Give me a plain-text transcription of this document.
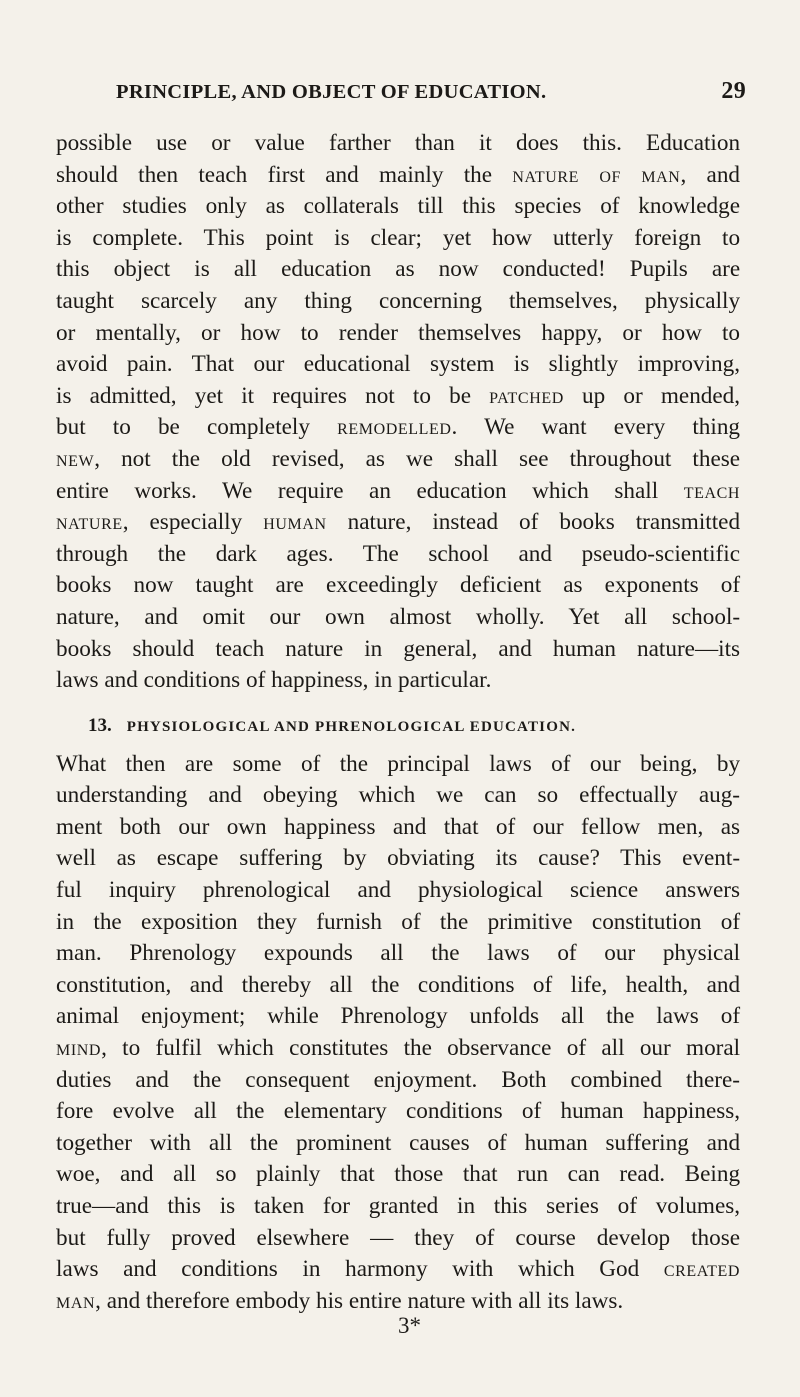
PRINCIPLE, AND OBJECT OF EDUCATION.	29
possible use or value farther than it does this. Education
should then teach first and mainly the nature of man, and
other studies only as collaterals till this species of knowledge
is complete. This point is clear; yet how utterly foreign to
this object is all education as now conducted! Pupils are
taught scarcely any thing concerning themselves, physically
or mentally, or how to render themselves happy, or how to
avoid pain. That our educational system is slightly improving,
is admitted, yet it requires not to be patched up or mended,
but to be completely remodelled. We want every thing
new, not the old revised, as we shall see throughout these
entire works. We require an education which shall teach
nature, especially human nature, instead of books transmitted
through the dark ages. The school and pseudo-scientific
books now taught are exceedingly deficient as exponents of
nature, and omit our own almost wholly. Yet all school-
books should teach nature in general, and human nature—its
laws and conditions of happiness, in particular.
13. PHYSIOLOGICAL AND PHRENOLOGICAL EDUCATION.
What then are some of the principal laws of our being, by
understanding and obeying which we can so effectually aug-
ment both our own happiness and that of our fellow men, as
well as escape suffering by obviating its cause? This event-
ful inquiry phrenological and physiological science answers
in the exposition they furnish of the primitive constitution of
man. Phrenology expounds all the laws of our physical
constitution, and thereby all the conditions of life, health, and
animal enjoyment; while Phrenology unfolds all the laws of
mind, to fulfil which constitutes the observance of all our moral
duties and the consequent enjoyment. Both combined there-
fore evolve all the elementary conditions of human happiness,
together with all the prominent causes of human suffering and
woe, and all so plainly that those that run can read. Being
true—and this is taken for granted in this series of volumes,
but fully proved elsewhere — they of course develop those
laws and conditions in harmony with which God created
man, and therefore embody his entire nature with all its laws.
3*
